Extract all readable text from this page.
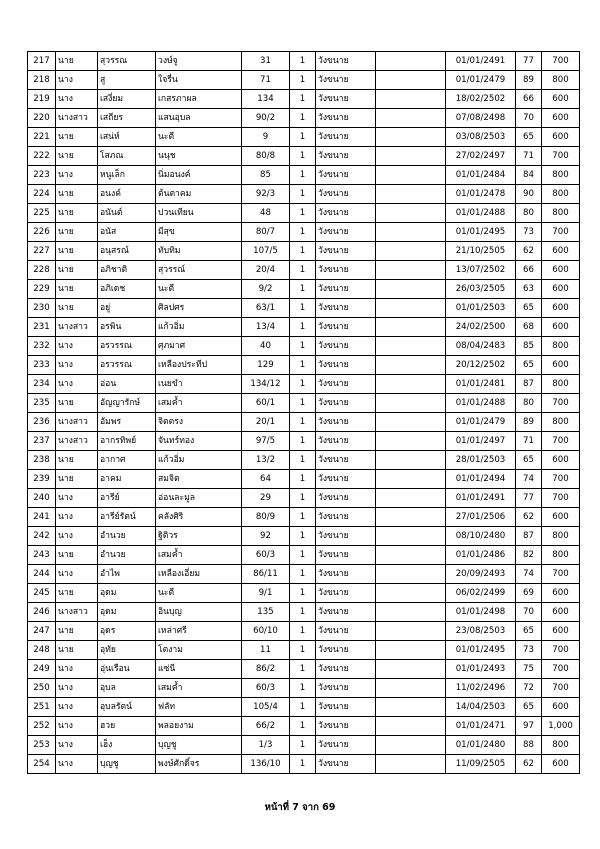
217	นาย	สุวรรณ	วงษ์จู	31	1	วังขนาย		01/01/2491	77	700
218	นาง	สู	ใจรื่น	71	1	วังขนาย		01/01/2479	89	800
219	นาง	เสงี่ยม	เกสรภาผล	134	1	วังขนาย		18/02/2502	66	600
220	นางสาว	เสถียร	แสนอุบล	90/2	1	วังขนาย		07/08/2498	70	600
221	นาย	เสน่ห์	นะตี	9	1	วังขนาย		03/08/2503	65	600
222	นาย	โสภณ	นนุช	80/8	1	วังขนาย		27/02/2497	71	700
223	นาง	หนูเล็ก	นิ่มอนงค์	85	1	วังขนาย		01/01/2484	84	800
224	นาย	อนงค์	ต้นตาคม	92/3	1	วังขนาย		01/01/2478	90	800
225	นาย	อนันต์	ปวนเทียน	48	1	วังขนาย		01/01/2488	80	800
226	นาย	อนัส	มีสุข	80/7	1	วังขนาย		01/01/2495	73	700
227	นาย	อนุสรณ์	ทับทิม	107/5	1	วังขนาย		21/10/2505	62	600
228	นาย	อภิชาติ	สุวรรณ์	20/4	1	วังขนาย		13/07/2502	66	600
229	นาย	อภิเดช	นะตี	9/2	1	วังขนาย		26/03/2505	63	600
230	นาย	อยู่	ศิลปศร	63/1	1	วังขนาย		01/01/2503	65	600
231	นางสาว	อรพิน	แก้วอิ่ม	13/4	1	วังขนาย		24/02/2500	68	600
232	นาง	อรวรรณ	ศุภมาศ	40	1	วังขนาย		08/04/2483	85	800
233	นาง	อรวรรณ	เหลืองประทีป	129	1	วังขนาย		20/12/2502	65	600
234	นาง	อ่อน	เนยขำ	134/12	1	วังขนาย		01/01/2481	87	800
235	นาย	อัญญารักษ์	เสมค้ำ	60/1	1	วังขนาย		01/01/2488	80	700
236	นางสาว	อัมพร	จิตตรง	20/1	1	วังขนาย		01/01/2479	89	800
237	นางสาว	อากรทิพย์	จันทร์ทอง	97/5	1	วังขนาย		01/01/2497	71	700
238	นาย	อากาศ	แก้วอิ่ม	13/2	1	วังขนาย		28/01/2503	65	600
239	นาย	อาคม	สมจิต	64	1	วังขนาย		01/01/2494	74	700
240	นาง	อารีย์	อ่อนละมูล	29	1	วังขนาย		01/01/2491	77	700
241	นาง	อารีย์รัตน์	คลังศิริ	80/9	1	วังขนาย		27/01/2506	62	600
242	นาง	อำนวย	ฐิติวร	92	1	วังขนาย		08/10/2480	87	800
243	นาย	อำนวย	เสมค้ำ	60/3	1	วังขนาย		01/01/2486	82	800
244	นาง	อำไพ	เหลืองเอี่ยม	86/11	1	วังขนาย		20/09/2493	74	700
245	นาย	อุดม	นะตี	9/1	1	วังขนาย		06/02/2499	69	600
246	นางสาว	อุดม	อินบุญ	135	1	วังขนาย		01/01/2498	70	600
247	นาย	อุดร	เหล่าศรี	60/10	1	วังขนาย		23/08/2503	65	600
248	นาย	อุทัย	โตงาม	11	1	วังขนาย		01/01/2495	73	700
249	นาง	อุ่นเรือน	แซ่นี	86/2	1	วังขนาย		01/01/2493	75	700
250	นาง	อุบล	เสมค้ำ	60/3	1	วังขนาย		11/02/2496	72	700
251	นาง	อุบลรัตน์	ฟลัท	105/4	1	วังขนาย		14/04/2503	65	600
252	นาง	ฮวย	พลอยงาม	66/2	1	วังขนาย		01/01/2471	97	1,000
253	นาง	เฮ็ง	บุญชู	1/3	1	วังขนาย		01/01/2480	88	800
254	นาง	บุญชู	พงษ์ศักดิ์จร	136/10	1	วังขนาย		11/09/2505	62	600
หน้าที่ 7 จาก 69
